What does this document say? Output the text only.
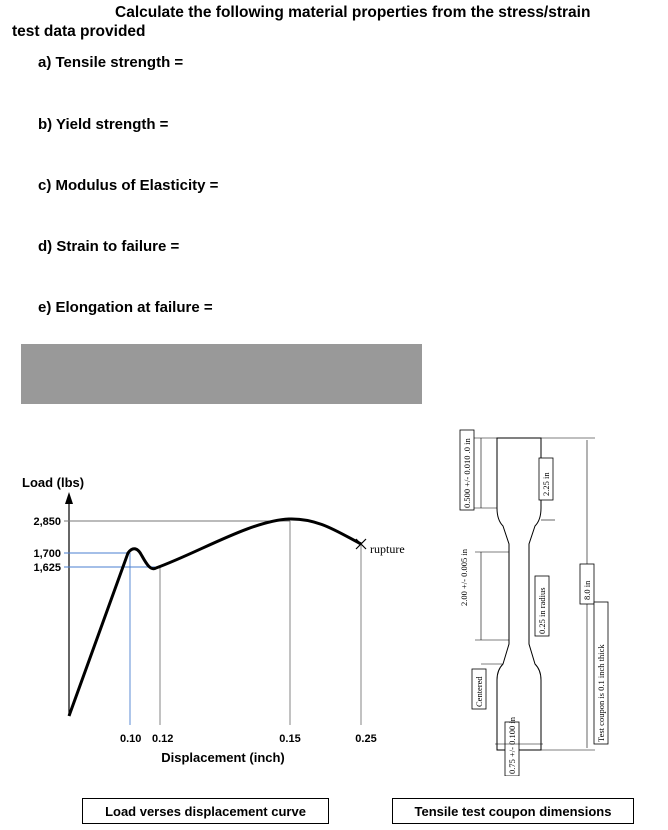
Calculate the following material properties from the stress/strain
test data provided
a) Tensile strength =
b) Yield strength =
c) Modulus of Elasticity =
d) Strain to failure =
e) Elongation at failure =
Load (lbs)
2,850
1,700
1,625
rupture
0.10 0.12	0.15	0.25
Displacement (inch)
Load verses displacement curve
0.500 +/- 0.010 .0 in	2.25 in
2.00 +/- 0.005 in
0.25 in radius	8.0 in
Test coupon is 0.1 inch thick
Centered
0.75 +/- 0.100 in
Tensile test coupon dimensions
